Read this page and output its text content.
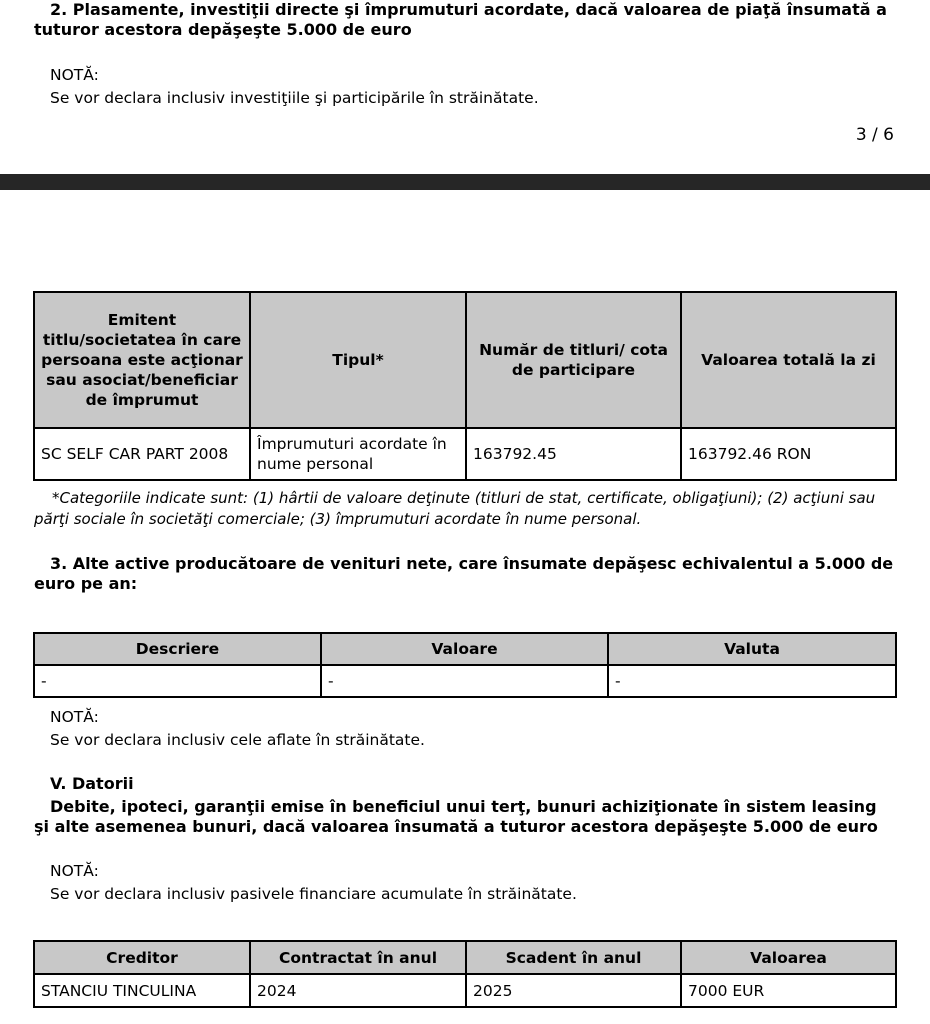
2. Plasamente, investiţii directe şi împrumuturi acordate, dacă valoarea de piaţă însumată a tuturor acestora depăşeşte 5.000 de euro
NOTĂ:
Se vor declara inclusiv investiţiile şi participările în străinătate.
3 / 6
Emitent titlu/societatea în care persoana este acţionar sau asociat/beneficiar de împrumut	Tipul*	Număr de titluri/ cota de participare	Valoarea totală la zi
SC SELF CAR PART 2008	Împrumuturi acordate în nume personal	163792.45	163792.46 RON
*Categoriile indicate sunt: (1) hârtii de valoare deţinute (titluri de stat, certificate, obligaţiuni); (2) acţiuni sau părţi sociale în societăţi comerciale; (3) împrumuturi acordate în nume personal.
3. Alte active producătoare de venituri nete, care însumate depăşesc echivalentul a 5.000 de euro pe an:
Descriere	Valoare	Valuta
-	-	-
NOTĂ:
Se vor declara inclusiv cele aflate în străinătate.
V. Datorii
Debite, ipoteci, garanţii emise în beneficiul unui terţ, bunuri achiziţionate în sistem leasing şi alte asemenea bunuri, dacă valoarea însumată a tuturor acestora depăşeşte 5.000 de euro
NOTĂ:
Se vor declara inclusiv pasivele financiare acumulate în străinătate.
Creditor	Contractat în anul	Scadent în anul	Valoarea
STANCIU TINCULINA	2024	2025	7000 EUR
